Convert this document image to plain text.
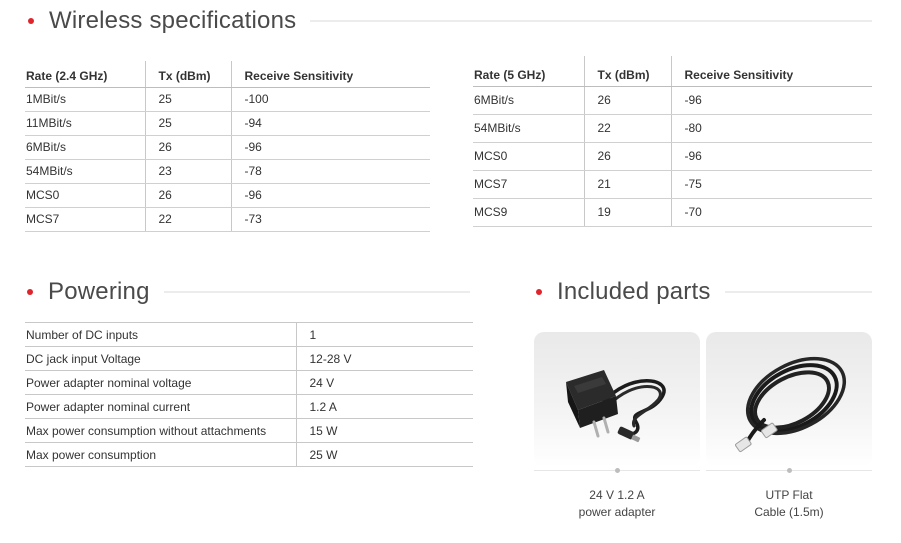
Wireless specifications
Rate (2.4 GHz)	Tx (dBm)	Receive Sensitivity
1MBit/s	25	-100
11MBit/s	25	-94
6MBit/s	26	-96
54MBit/s	23	-78
MCS0	26	-96
MCS7	22	-73
Rate (5 GHz)	Tx (dBm)	Receive Sensitivity
6MBit/s	26	-96
54MBit/s	22	-80
MCS0	26	-96
MCS7	21	-75
MCS9	19	-70
Powering
Number of DC inputs	1
DC jack input Voltage	12-28 V
Power adapter nominal voltage	24 V
Power adapter nominal current	1.2 A
Max power consumption without attachments	15 W
Max power consumption	25 W
Included parts
24 V 1.2 A
power adapter
UTP Flat
Cable (1.5m)
